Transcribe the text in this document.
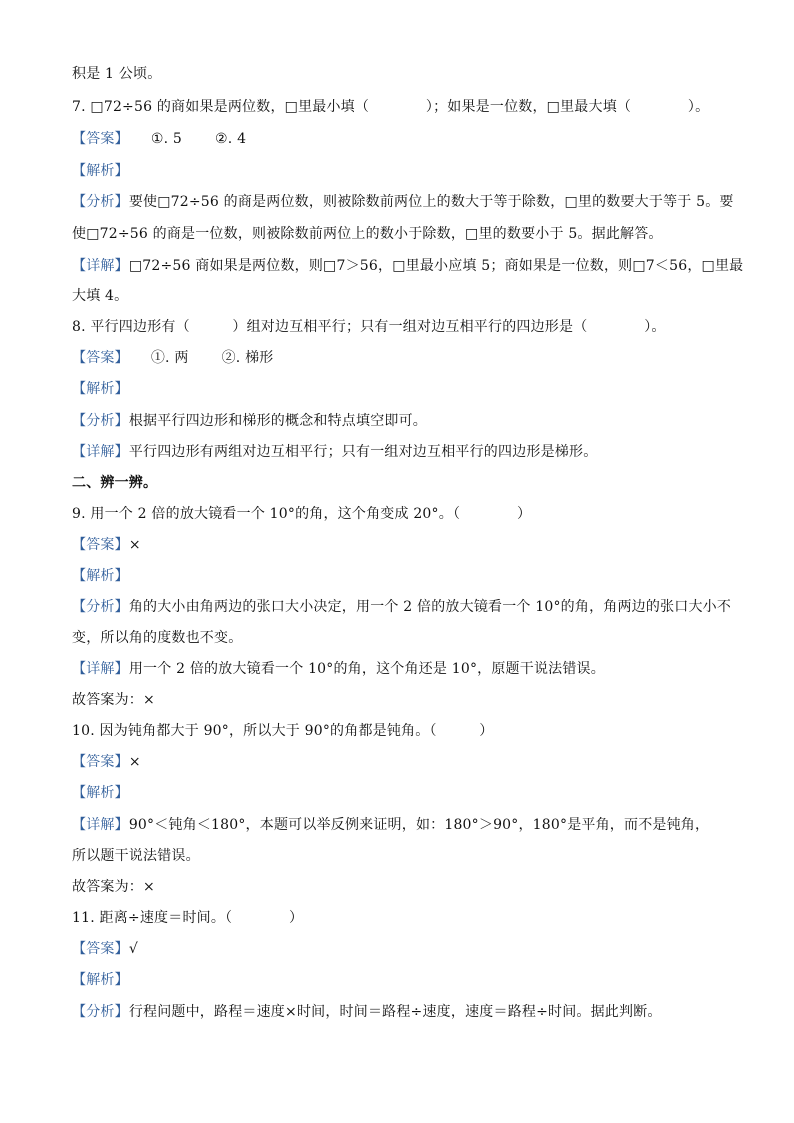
积是 1 公顷。
7. □72÷56 的商如果是两位数，□里最小填（　　　　）；如果是一位数，□里最大填（　　　　）。
【答案】 ①. 5　　 ②. 4
【解析】
【分析】要使□72÷56 的商是两位数，则被除数前两位上的数大于等于除数，□里的数要大于等于 5。要
使□72÷56 的商是一位数，则被除数前两位上的数小于除数，□里的数要小于 5。据此解答。
【详解】□72÷56 商如果是两位数，则□7＞56，□里最小应填 5；商如果是一位数，则□7＜56，□里最
大填 4。
8. 平行四边形有（　　　）组对边互相平行；只有一组对边互相平行的四边形是（　　　　）。
【答案】 ①. 两　　 ②. 梯形
【解析】
【分析】根据平行四边形和梯形的概念和特点填空即可。
【详解】平行四边形有两组对边互相平行；只有一组对边互相平行的四边形是梯形。
二、辨一辨。
9. 用一个 2 倍的放大镜看一个 10°的角，这个角变成 20°。（　　　　）
【答案】×
【解析】
【分析】角的大小由角两边的张口大小决定，用一个 2 倍的放大镜看一个 10°的角，角两边的张口大小不
变，所以角的度数也不变。
【详解】用一个 2 倍的放大镜看一个 10°的角，这个角还是 10°，原题干说法错误。
故答案为：×
10. 因为钝角都大于 90°，所以大于 90°的角都是钝角。（　　　）
【答案】×
【解析】
【详解】90°＜钝角＜180°，本题可以举反例来证明，如：180°＞90°，180°是平角，而不是钝角，
所以题干说法错误。
故答案为：×
11. 距离÷速度＝时间。（　　　　）
【答案】√
【解析】
【分析】行程问题中，路程＝速度×时间，时间＝路程÷速度，速度＝路程÷时间。据此判断。
